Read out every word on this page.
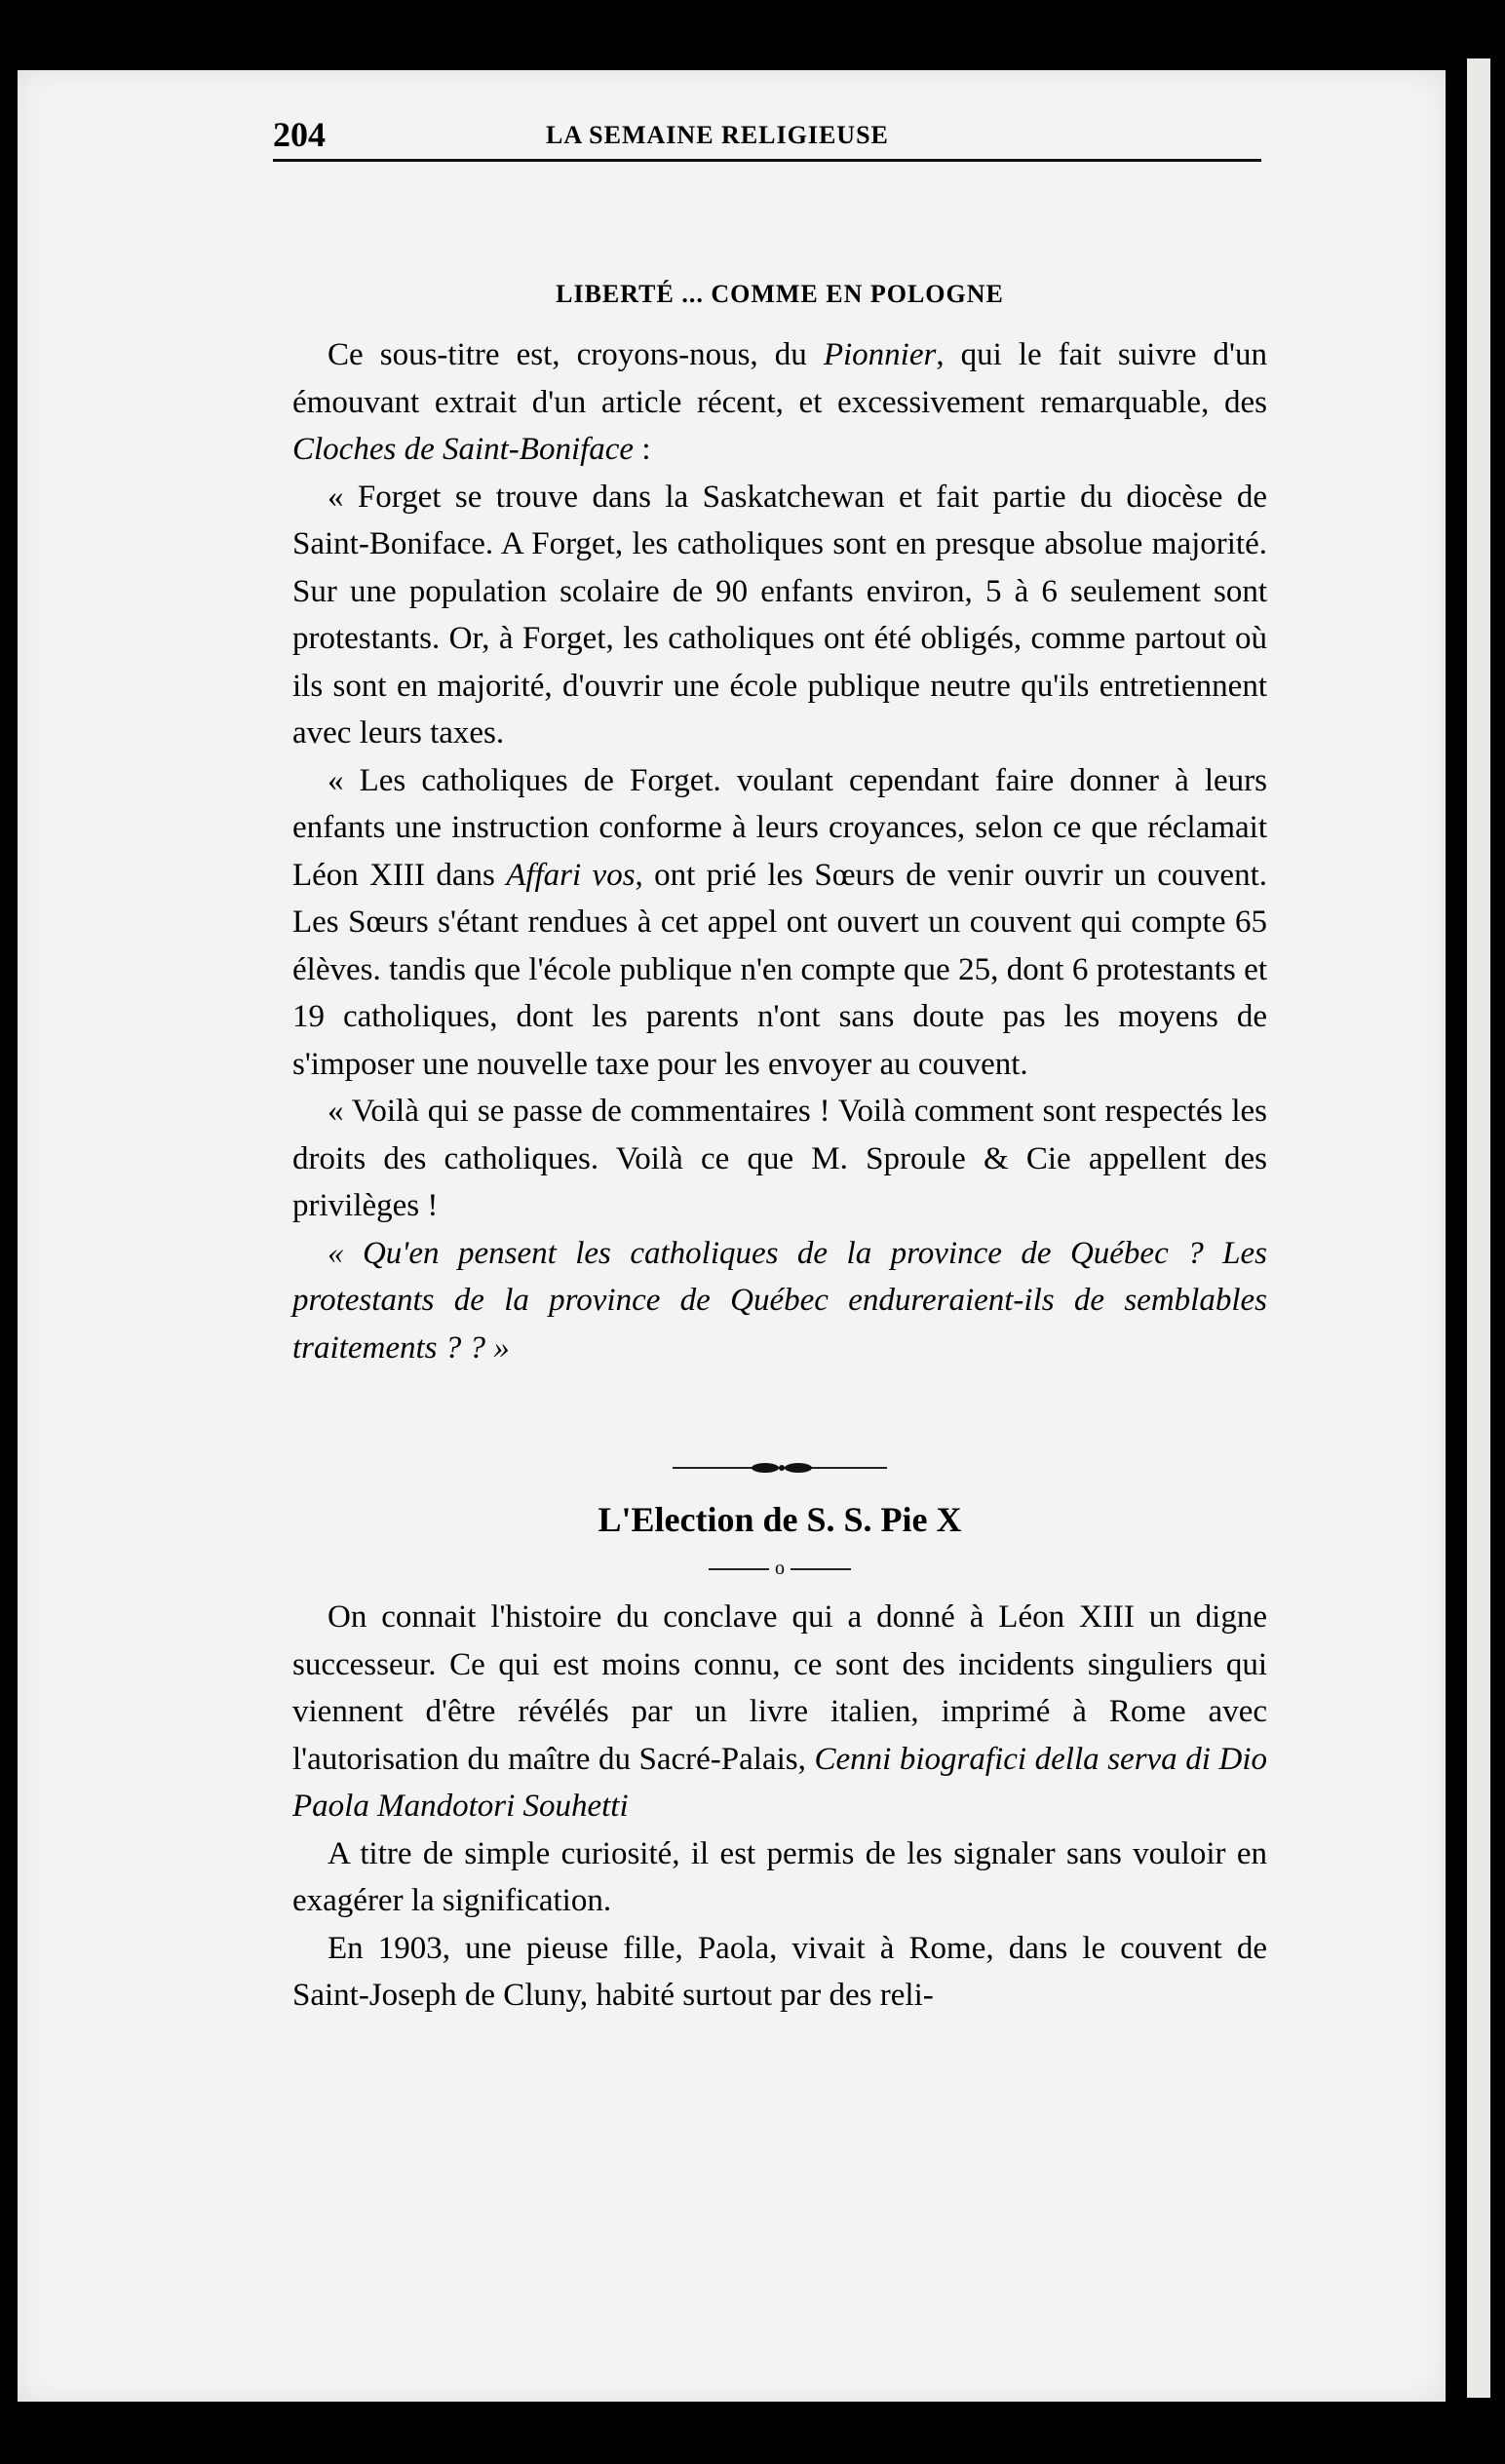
204	LA SEMAINE RELIGIEUSE
LIBERTÉ ... COMME EN POLOGNE

Ce sous-titre est, croyons-nous, du Pionnier, qui le fait suivre d'un émouvant extrait d'un article récent, et excessivement remarquable, des Cloches de Saint-Boniface :

« Forget se trouve dans la Saskatchewan et fait partie du diocèse de Saint-Boniface. A Forget, les catholiques sont en presque absolue majorité. Sur une population scolaire de 90 enfants environ, 5 à 6 seulement sont protestants. Or, à Forget, les catholiques ont été obligés, comme partout où ils sont en majorité, d'ouvrir une école publique neutre qu'ils entretiennent avec leurs taxes.

« Les catholiques de Forget. voulant cependant faire donner à leurs enfants une instruction conforme à leurs croyances, selon ce que réclamait Léon XIII dans Affari vos, ont prié les Sœurs de venir ouvrir un couvent. Les Sœurs s'étant rendues à cet appel ont ouvert un couvent qui compte 65 élèves. tandis que l'école publique n'en compte que 25, dont 6 protestants et 19 catholiques, dont les parents n'ont sans doute pas les moyens de s'imposer une nouvelle taxe pour les envoyer au couvent.

« Voilà qui se passe de commentaires ! Voilà comment sont respectés les droits des catholiques. Voilà ce que M. Sproule & Cie appellent des privilèges !

« Qu'en pensent les catholiques de la province de Québec ? Les protestants de la province de Québec endureraient-ils de semblables traitements ? ? »

L'Election de S. S. Pie X
o

On connait l'histoire du conclave qui a donné à Léon XIII un digne successeur. Ce qui est moins connu, ce sont des incidents singuliers qui viennent d'être révélés par un livre italien, imprimé à Rome avec l'autorisation du maître du Sacré-Palais, Cenni biografici della serva di Dio Paola Mandotori Souhetti

A titre de simple curiosité, il est permis de les signaler sans vouloir en exagérer la signification.

En 1903, une pieuse fille, Paola, vivait à Rome, dans le couvent de Saint-Joseph de Cluny, habité surtout par des reli-
